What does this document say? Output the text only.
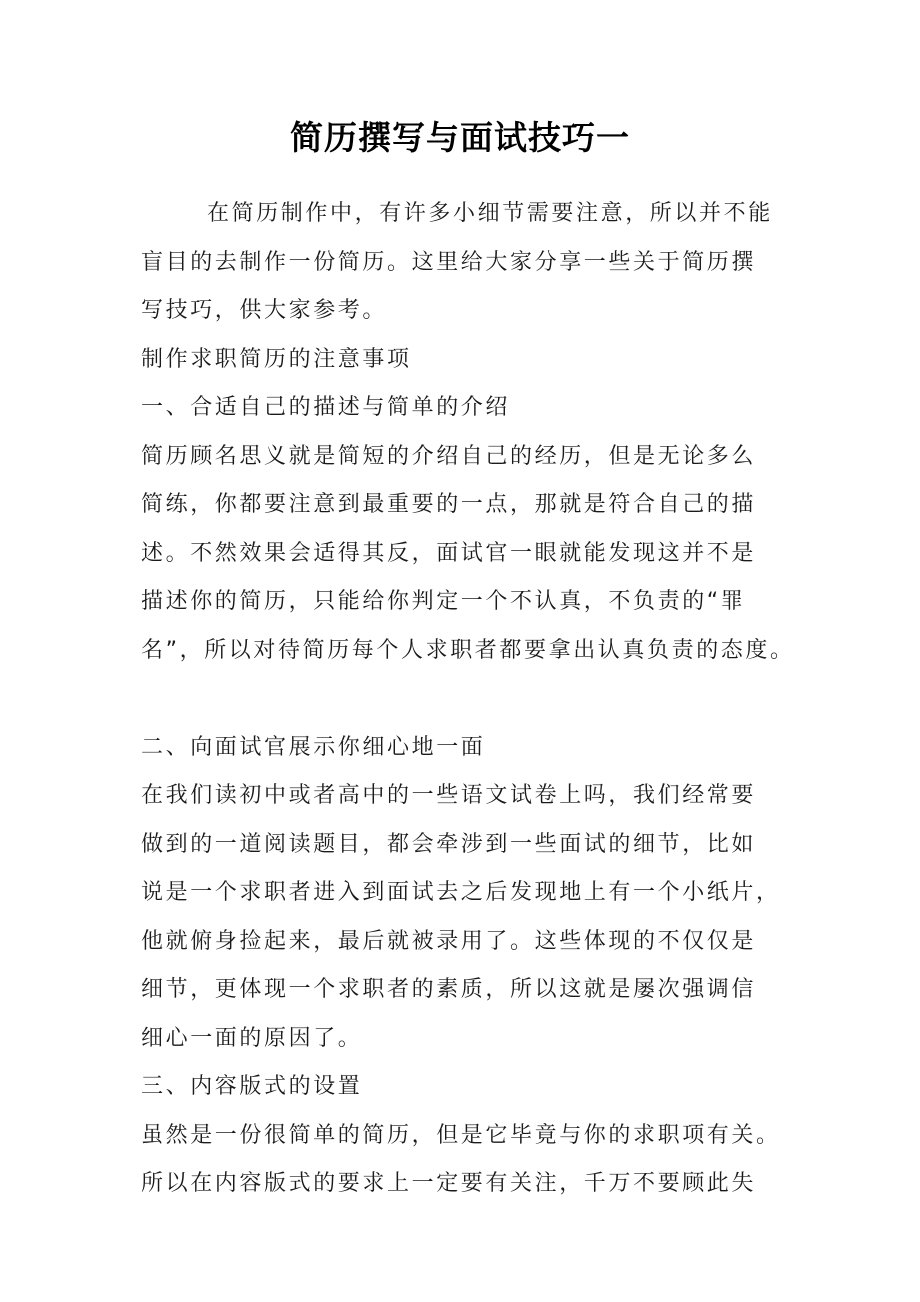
简历撰写与面试技巧一
在简历制作中，有许多小细节需要注意，所以并不能
盲目的去制作一份简历。这里给大家分享一些关于简历撰
写技巧，供大家参考。
制作求职简历的注意事项
一、合适自己的描述与简单的介绍
简历顾名思义就是简短的介绍自己的经历，但是无论多么
简练，你都要注意到最重要的一点，那就是符合自己的描
述。不然效果会适得其反，面试官一眼就能发现这并不是
描述你的简历，只能给你判定一个不认真，不负责的“罪
名”，所以对待简历每个人求职者都要拿出认真负责的态度。
二、向面试官展示你细心地一面
在我们读初中或者高中的一些语文试卷上吗，我们经常要
做到的一道阅读题目，都会牵涉到一些面试的细节，比如
说是一个求职者进入到面试去之后发现地上有一个小纸片，
他就俯身捡起来，最后就被录用了。这些体现的不仅仅是
细节，更体现一个求职者的素质，所以这就是屡次强调信
细心一面的原因了。
三、内容版式的设置
虽然是一份很简单的简历，但是它毕竟与你的求职项有关。
所以在内容版式的要求上一定要有关注，千万不要顾此失
